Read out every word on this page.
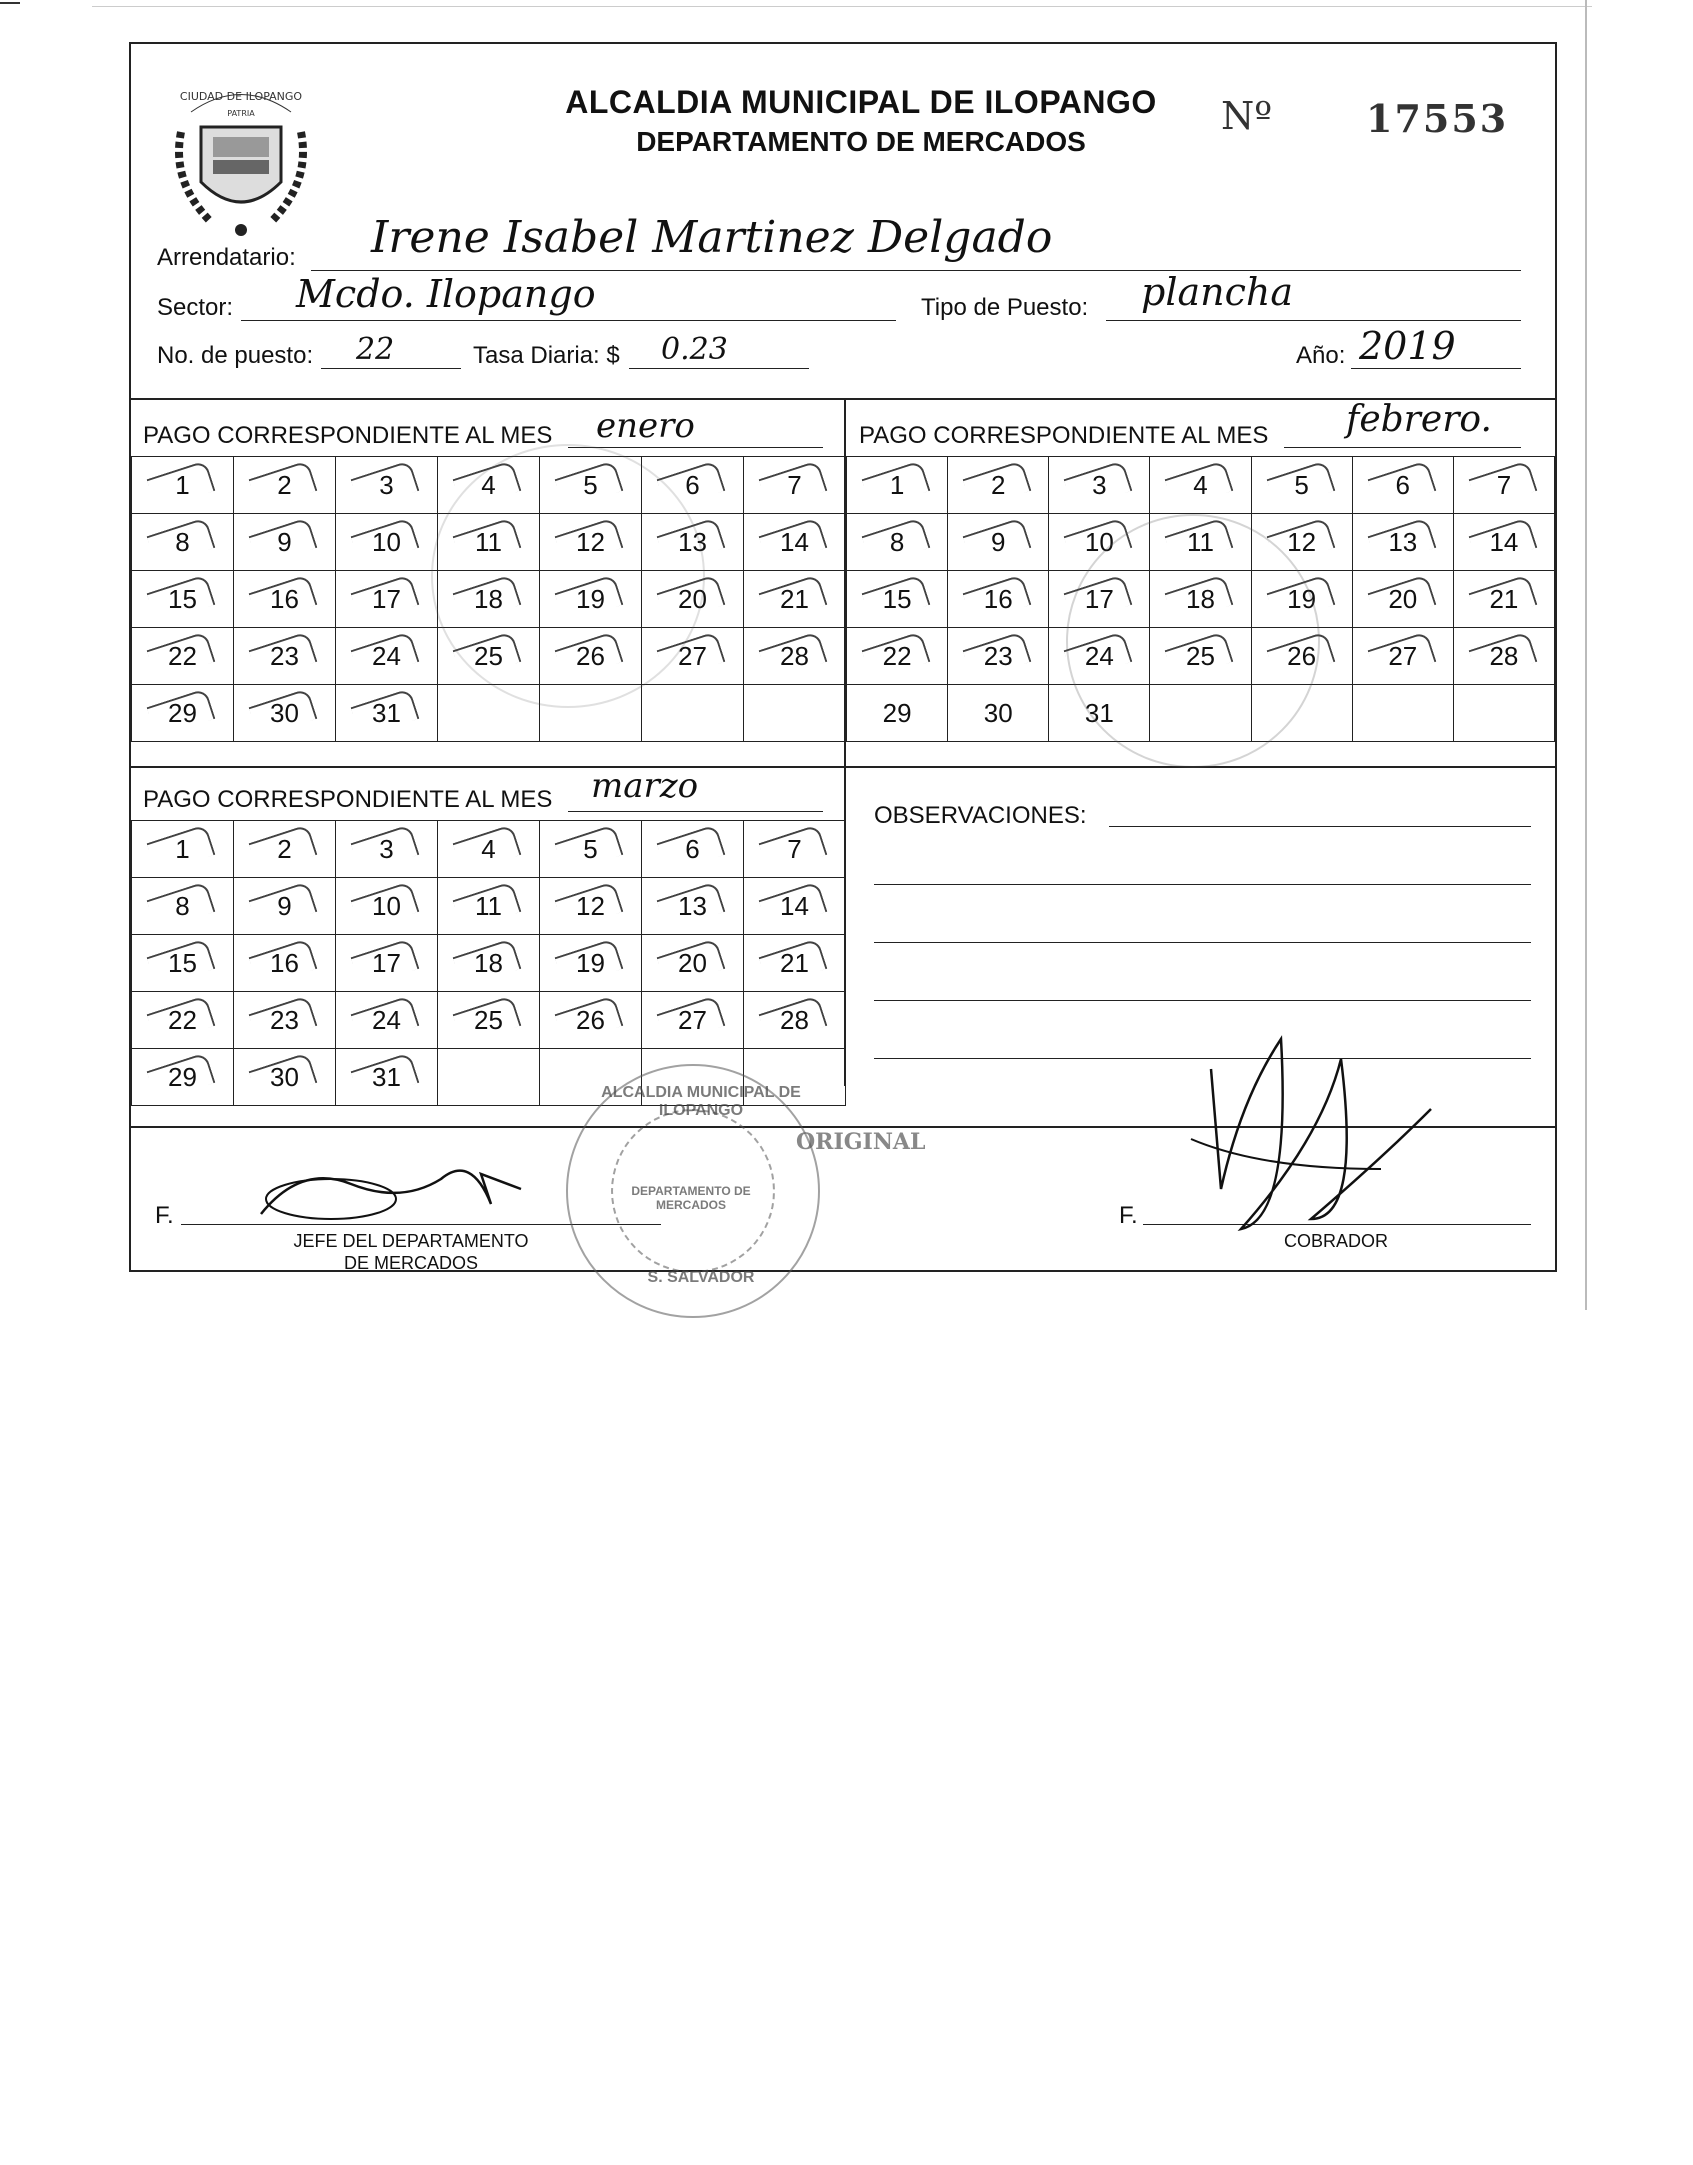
CIUDAD DE ILOPANGO
PATRIA	ALCALDIA MUNICIPAL DE ILOPANGO
DEPARTAMENTO DE MERCADOS
Nº 17553
Arrendatario: Irene Isabel Martinez Delgado
Sector: Mcdo. Ilopango	Tipo de Puesto: plancha
No. de puesto: 22	Tasa Diaria: $ 0.23	Año: 2019
PAGO CORRESPONDIENTE AL MES enero
1	2	3	4	5	6	7
8	9	10	11	12	13	14
15	16	17	18	19	20	21
22	23	24	25	26	27	28
29	30	31				
PAGO CORRESPONDIENTE AL MES febrero.
1	2	3	4	5	6	7
8	9	10	11	12	13	14
15	16	17	18	19	20	21
22	23	24	25	26	27	28
29	30	31				
PAGO CORRESPONDIENTE AL MES marzo
1	2	3	4	5	6	7
8	9	10	11	12	13	14
15	16	17	18	19	20	21
22	23	24	25	26	27	28
29	30	31				
OBSERVACIONES:
ORIGINAL
F.
JEFE DEL DEPARTAMENTO
DE MERCADOS
F.
COBRADOR
ALCALDIA MUNICIPAL DE ILOPANGO
DEPARTAMENTO DE MERCADOS
S. SALVADOR
